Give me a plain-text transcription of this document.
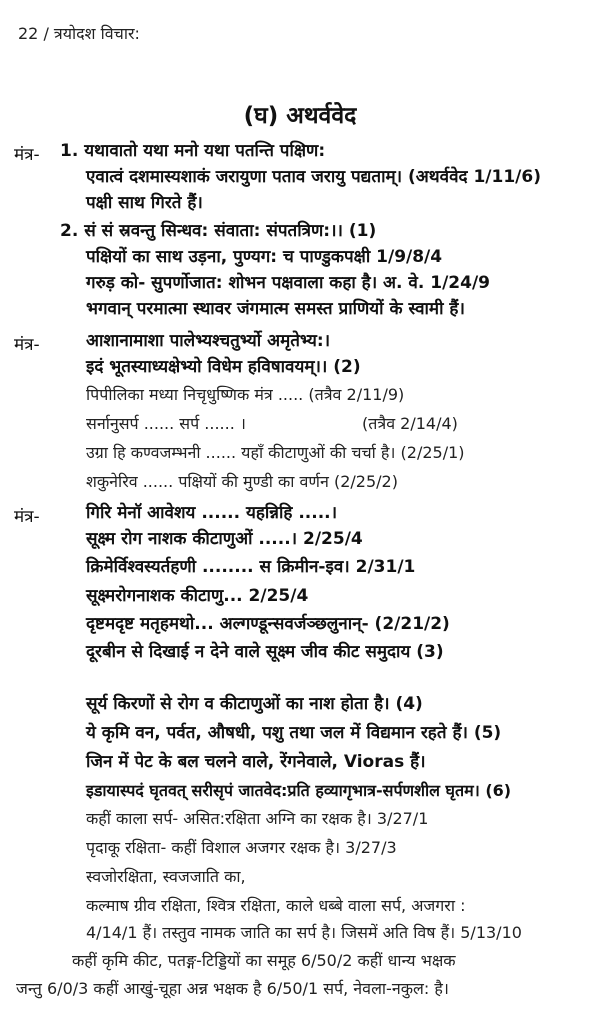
22 / त्रयोदश विचार:
(घ) अथर्ववेद
मंत्र- 1. यथावातो यथा मनो यथा पतन्ति पक्षिण:
एवात्वं दशमास्यशाकं जरायुणा पताव जरायु पद्यताम्। (अथर्ववेद 1/11/6)
पक्षी साथ गिरते हैं।
2. सं सं स्रवन्तु सिन्धव: संवाता: संपतत्रिण:।। (1)
पक्षियों का साथ उड़ना, पुण्यग: च पाण्डुकपक्षी 1/9/8/4
गरुड़ को- सुपर्णोजात: शोभन पक्षवाला कहा है। अ. वे. 1/24/9
भगवान् परमात्मा स्थावर जंगमात्म समस्त प्राणियों के स्वामी हैं।
मंत्र-	आशानामाशा पालेभ्यश्चतुर्भ्यो अमृतेभ्य:।
इदं भूतस्याध्यक्षेभ्यो विधेम हविषावयम्।। (2)
पिपीलिका मध्या निचृधुष्णिक मंत्र ..... (तत्रैव 2/11/9)
सर्नानुसर्प ...... सर्प ...... ।	(तत्रैव 2/14/4)
उग्रा हि कण्वजम्भनी ...... यहाँ कीटाणुओं की चर्चा है। (2/25/1)
शकुनेरिव ...... पक्षियों की मुण्डी का वर्णन (2/25/2)
मंत्र-	गिरि मेनॉ आवेशय ...... यहन्निहि .....।
सूक्ष्म रोग नाशक कीटाणुओं .....। 2/25/4
क्रिमेर्विश्वस्यर्तहणी ........ स क्रिमीन-इव। 2/31/1
सूक्ष्मरोगनाशक कीटाणु... 2/25/4
दृष्टमदृष्ट मतृहमथो... अल्गण्डून्सवर्जञ्छलुनान्- (2/21/2)
दूरबीन से दिखाई न देने वाले सूक्ष्म जीव कीट समुदाय (3)
सूर्य किरणों से रोग व कीटाणुओं का नाश होता है। (4)
ये कृमि वन, पर्वत, औषधी, पशु तथा जल में विद्यमान रहते हैं। (5)
जिन में पेट के बल चलने वाले, रेंगनेवाले, Vioras हैं।
इडायास्पदं घृतवत् सरीसृपं जातवेद:प्रति हव्यागृभात्र-सर्पणशील घृतम। (6)
कहीं काला सर्प- असित:रक्षिता अग्नि का रक्षक है। 3/27/1
पृदाकू रक्षिता- कहीं विशाल अजगर रक्षक है। 3/27/3
स्वजोरक्षिता, स्वजजाति का,
कल्माष ग्रीव रक्षिता, श्वित्र रक्षिता, काले धब्बे वाला सर्प, अजगरा :
4/14/1 हैं। तस्तुव नामक जाति का सर्प है। जिसमें अति विष हैं। 5/13/10
कहीं कृमि कीट, पतङ्ग-टिड्डियों का समूह 6/50/2 कहीं धान्य भक्षक
जन्तु 6/0/3 कहीं आखुं-चूहा अन्न भक्षक है 6/50/1 सर्प, नेवला-नकुल: है।
